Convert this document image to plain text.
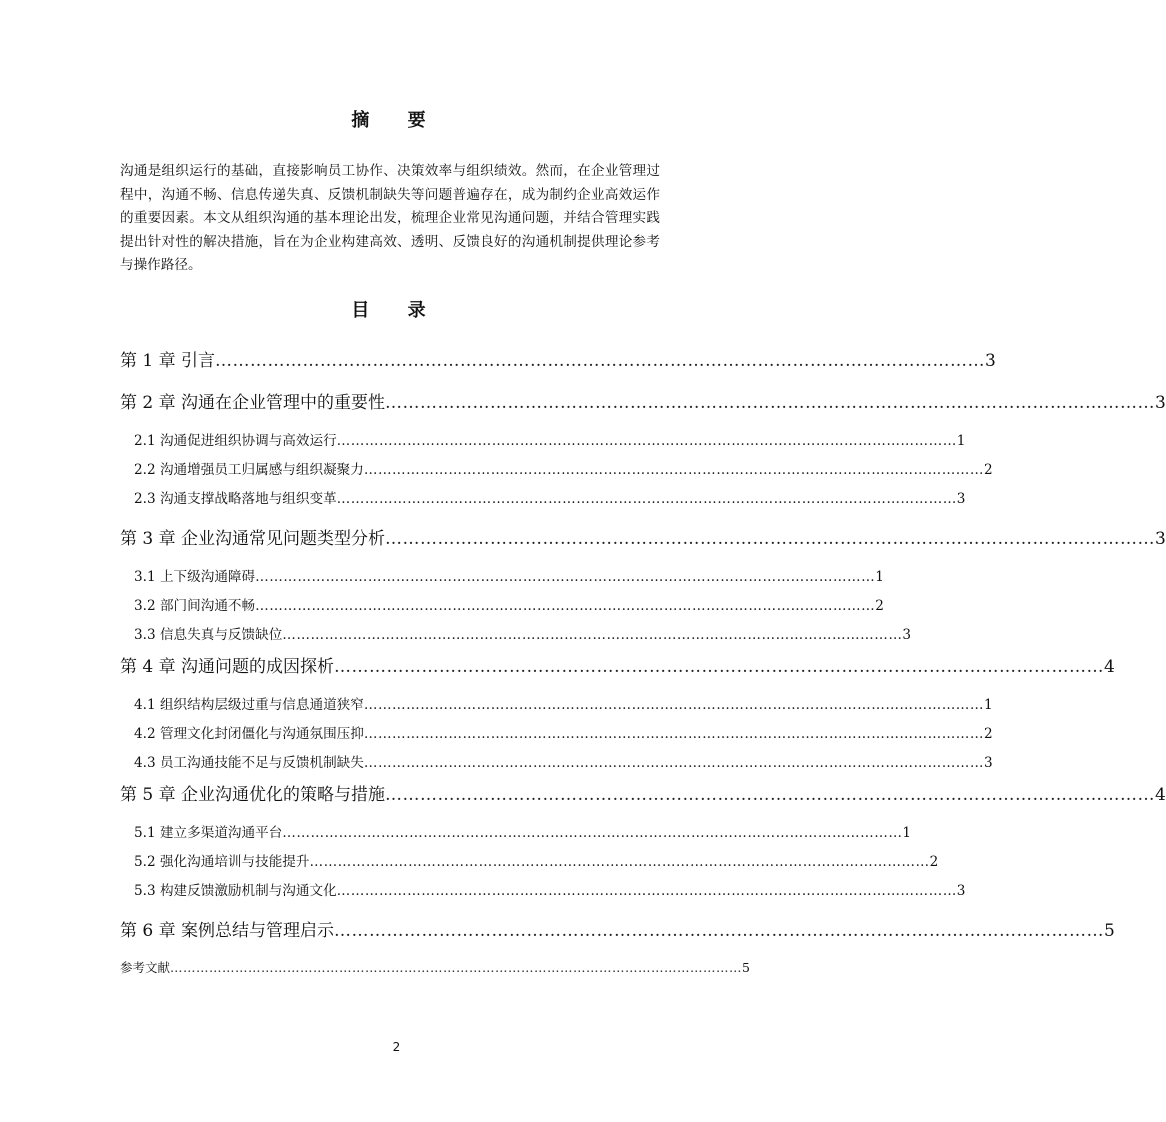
摘 要

沟通是组织运行的基础，直接影响员工协作、决策效率与组织绩效。然而，在企业管理过程中，沟通不畅、信息传递失真、反馈机制缺失等问题普遍存在，成为制约企业高效运作的重要因素。本文从组织沟通的基本理论出发，梳理企业常见沟通问题，并结合管理实践提出针对性的解决措施，旨在为企业构建高效、透明、反馈良好的沟通机制提供理论参考与操作路径。

目 录
第 1 章 引言 …………………………………………………………………………………………………………………… 3
第 2 章 沟通在企业管理中的重要性 …………………………………………………………………………………………………………………… 3
2.1 沟通促进组织协调与高效运行 …………………………………………………………………………………………………………………… 1
2.2 沟通增强员工归属感与组织凝聚力 …………………………………………………………………………………………………………………… 2
2.3 沟通支撑战略落地与组织变革 …………………………………………………………………………………………………………………… 3
第 3 章 企业沟通常见问题类型分析 …………………………………………………………………………………………………………………… 3
3.1 上下级沟通障碍 …………………………………………………………………………………………………………………… 1
3.2 部门间沟通不畅 …………………………………………………………………………………………………………………… 2
3.3 信息失真与反馈缺位 …………………………………………………………………………………………………………………… 3
第 4 章 沟通问题的成因探析 …………………………………………………………………………………………………………………… 4
4.1 组织结构层级过重与信息通道狭窄 …………………………………………………………………………………………………………………… 1
4.2 管理文化封闭僵化与沟通氛围压抑 …………………………………………………………………………………………………………………… 2
4.3 员工沟通技能不足与反馈机制缺失 …………………………………………………………………………………………………………………… 3
第 5 章 企业沟通优化的策略与措施 …………………………………………………………………………………………………………………… 4
5.1 建立多渠道沟通平台 …………………………………………………………………………………………………………………… 1
5.2 强化沟通培训与技能提升 …………………………………………………………………………………………………………………… 2
5.3 构建反馈激励机制与沟通文化 …………………………………………………………………………………………………………………… 3
第 6 章 案例总结与管理启示 …………………………………………………………………………………………………………………… 5
参考文献 …………………………………………………………………………………………………………………… 5
2
